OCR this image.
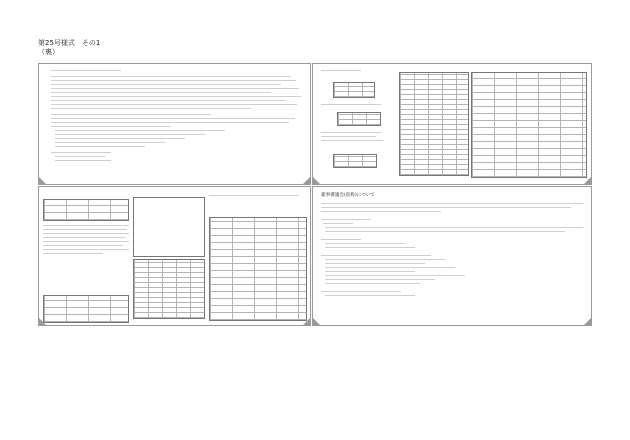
第25号様式　その1
（裏）
薬事審議会(仮称)について
